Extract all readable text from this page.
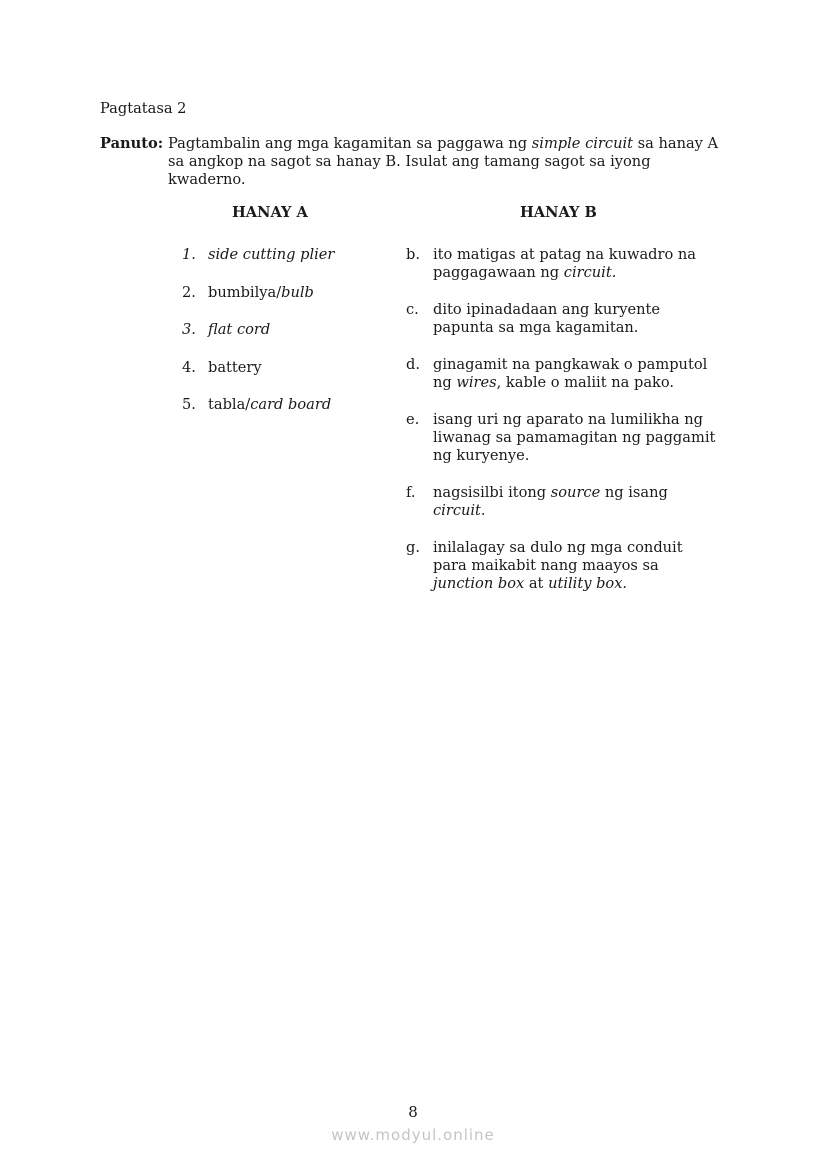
Pagtatasa 2
Panuto: Pagtambalin ang mga kagamitan sa paggawa ng simple circuit sa hanay A
sa angkop na sagot sa hanay B. Isulat ang tamang sagot sa iyong kwaderno.
HANAY A	HANAY B
1. side cutting plier
2. bumbilya/bulb
3. flat cord
4. battery
5. tabla/card board
b. ito matigas at patag na kuwadro na
paggagawaan ng circuit.
c. dito ipinadadaan ang kuryente
papunta sa mga kagamitan.
d. ginagamit na pangkawak o pamputol
ng wires, kable o maliit na pako.
e. isang uri ng aparato na lumilikha ng
liwanag sa pamamagitan ng paggamit
ng kuryenye.
f.	nagsisilbi itong source ng isang
circuit.
g. inilalagay sa dulo ng mga conduit
para maikabit nang maayos sa
junction box at utility box.
8
www.modyul.online
